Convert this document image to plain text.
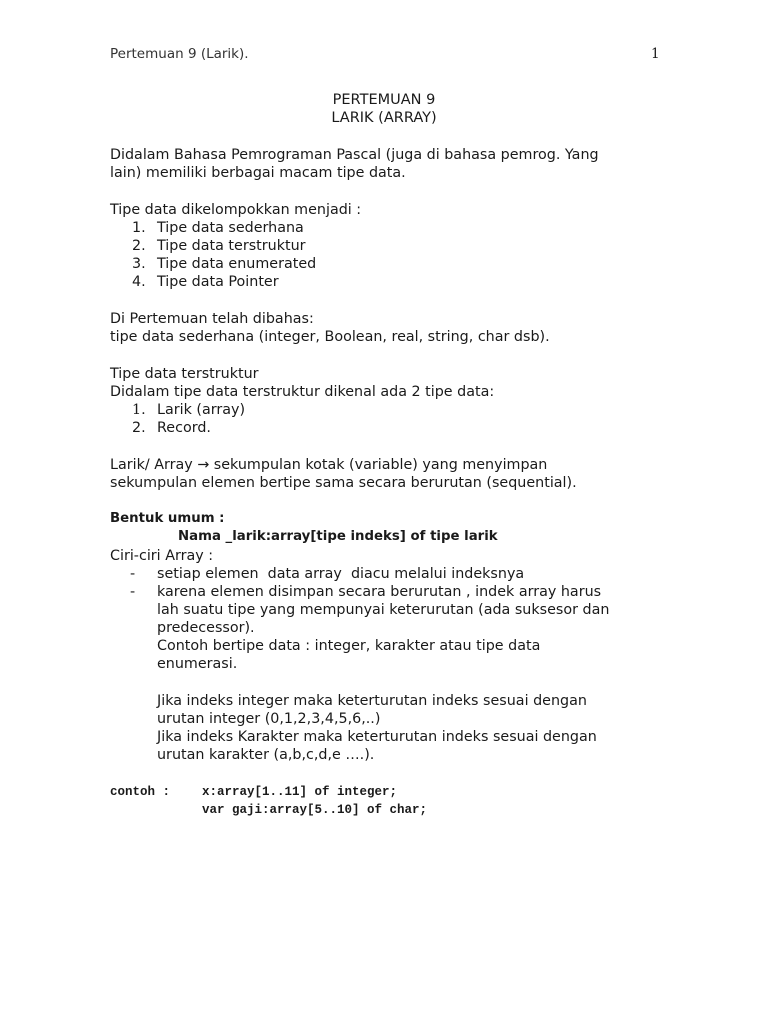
Pertemuan 9 (Larik).	1
PERTEMUAN 9
LARIK (ARRAY)
Didalam Bahasa Pemrograman Pascal (juga di bahasa pemrog. Yang
lain) memiliki berbagai macam tipe data.
Tipe data dikelompokkan menjadi :
1. Tipe data sederhana
2. Tipe data terstruktur
3. Tipe data enumerated
4. Tipe data Pointer
Di Pertemuan telah dibahas:
tipe data sederhana (integer, Boolean, real, string, char dsb).
Tipe data terstruktur
Didalam tipe data terstruktur dikenal ada 2 tipe data:
1. Larik (array)
2. Record.
Larik/ Array → sekumpulan kotak (variable) yang menyimpan
sekumpulan elemen bertipe sama secara berurutan (sequential).
Bentuk umum :
Nama _larik:array[tipe indeks] of tipe larik
Ciri-ciri Array :
- setiap elemen  data array  diacu melalui indeksnya
- karena elemen disimpan secara berurutan , indek array harus
lah suatu tipe yang mempunyai keterurutan (ada suksesor dan
predecessor).
Contoh bertipe data : integer, karakter atau tipe data
enumerasi.
Jika indeks integer maka keterturutan indeks sesuai dengan
urutan integer (0,1,2,3,4,5,6,..)
Jika indeks Karakter maka keterturutan indeks sesuai dengan
urutan karakter (a,b,c,d,e ….).
contoh :	x:array[1..11] of integer;
var gaji:array[5..10] of char;
